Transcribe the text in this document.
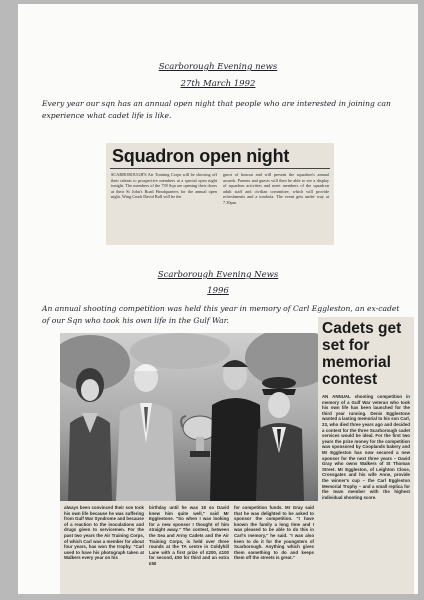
Scarborough Evening news
27th March 1992
Every year our sqn has an annual open night that people who are interested in joining can experience what cadet life is like.
Squadron open night
SCARBOROUGH'S Air Training Corps will be showing off their talents to prospective members at a special open night tonight. The members of the 739 Sqn are opening their doors at their St John's Road Headquarters for the annual open night. Wing Cmdr David Bull will be the
guest of honour and will present the squadron's annual awards. Parents and guests will then be able to see a display of squadron activities and meet members of the squadron adult staff and civilian committee, which will provide refreshments and a tombola. The event gets under way at 7.30pm.
Scarborough Evening News
1996
An annual shooting competition was held this year in memory of Carl Eggleston, an ex-cadet of our Sqn who took his own life in the Gulf War.	Cadets get set for memorial contest
AN ANNUAL shooting competition in memory of a Gulf War veteran who took his own life has been launched for the third year running. Denis Egglestone wanted a lasting memorial to his son Carl, 23, who died three years ago and decided a contest for the three Scarborough cadet services would be ideal. For the first two years the prize money for the competition was sponsored by Cooplands bakery and Mr Eggleston has now secured a new sponsor for the next three years – David Gray who owns Walkers of St Thomas Street. Mr Eggleston, of Leighton Close, Crossgates and his wife Anne, provide the winner's cup – the Carl Eggleston Memorial Trophy – and a small replica for the team member with the highest individual shooting score.
always been convinced their son took his own life because he was suffering from Gulf War Syndrome and because of a reaction to the inoculations and drugs given to servicemen. For the past two years the Air Training Corps, of which Carl was a member for about four years, has won the trophy. "Carl used to have his photograph taken at Walkers every year on his
birthday until he was 18 so David knew him quite well," said Mr Egglestone. "So when I was looking for a new sponsor I thought of him straight away." The contest, between the Sea and Army Cadets and the Air Training Corps, is held over three rounds at the TA centre in Coldyhill Lane with a first prize of £200, £100 for second, £50 for third and an extra £50
for competition funds. Mr Gray said that he was delighted to be asked to sponsor the competition. "I have known the family a long time and I was pleased to be able to do this in Carl's memory," he said. "I was also keen to do it for the youngsters of Scarborough. Anything which gives them something to do and keeps them off the streets is great."
